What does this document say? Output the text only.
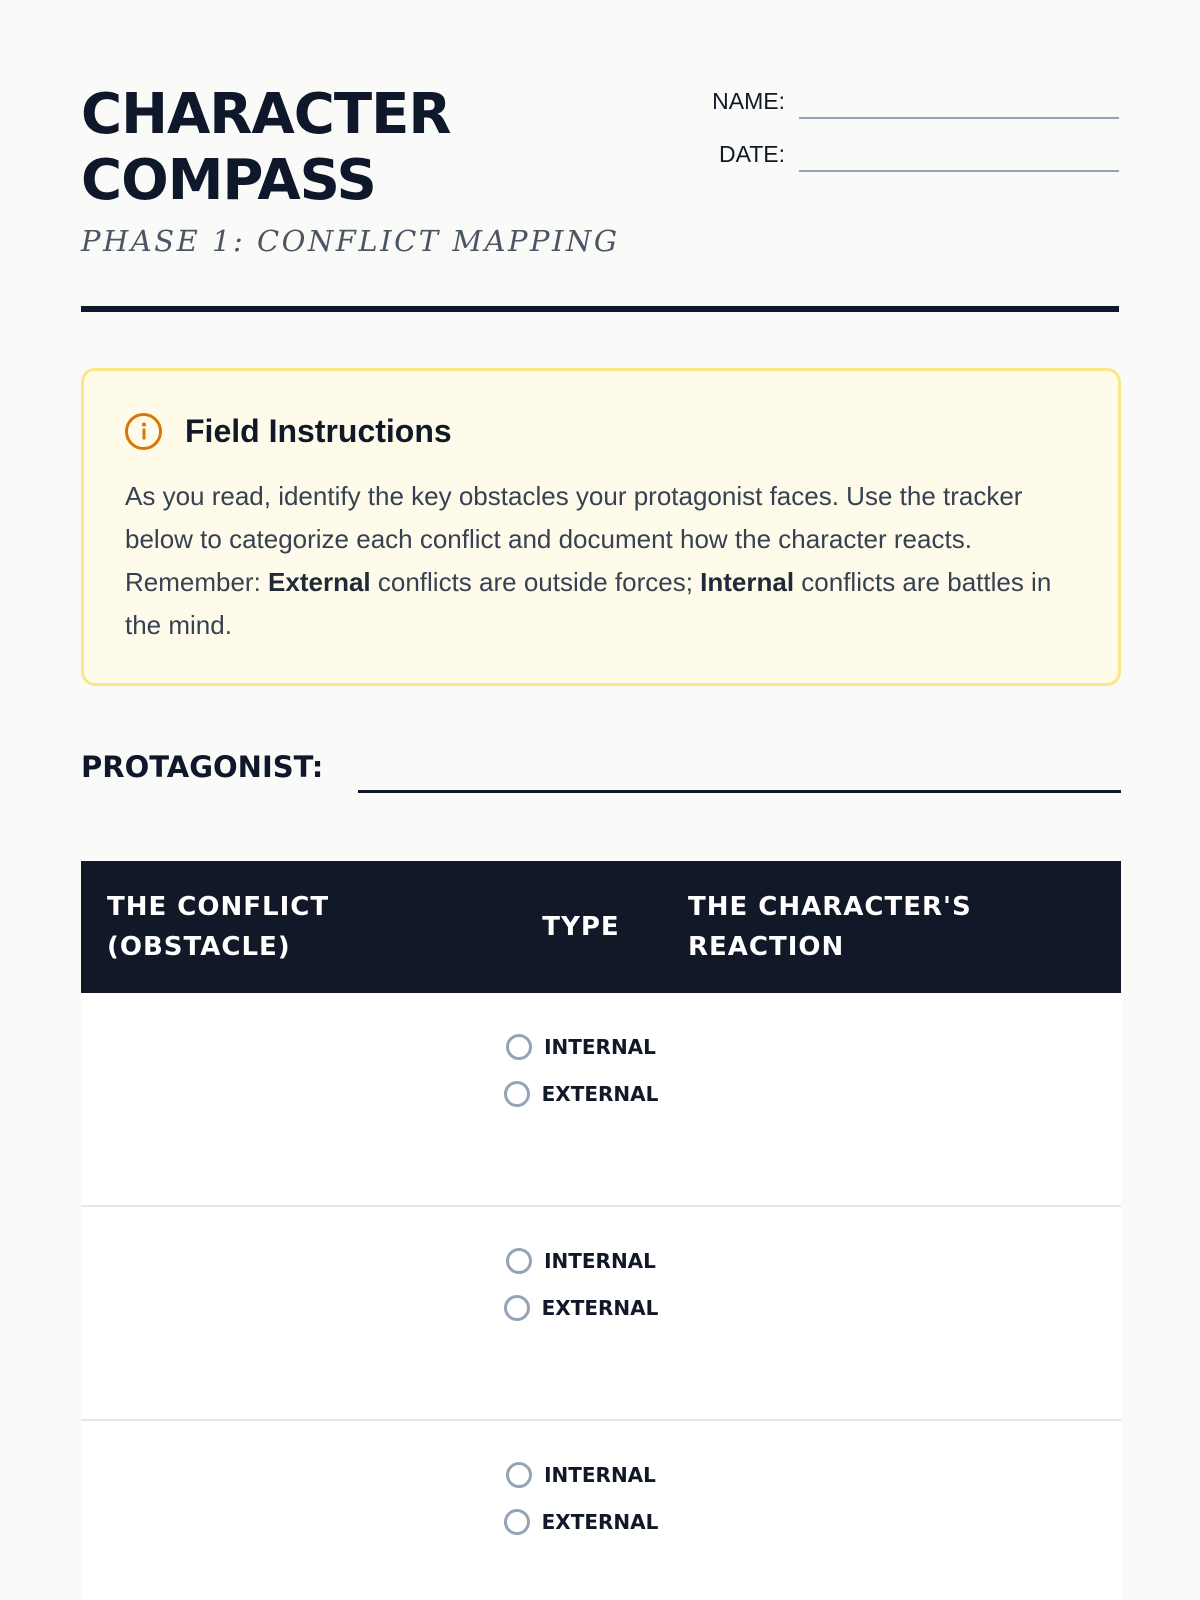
CHARACTER
COMPASS
PHASE 1: CONFLICT MAPPING
NAME:
DATE:
Field Instructions

As you read, identify the key obstacles your protagonist faces. Use the tracker below to categorize each conflict and document how the character reacts. Remember: External conflicts are outside forces; Internal conflicts are battles in the mind.

PROTAGONIST:
THE CONFLICT
(OBSTACLE)
TYPE
THE CHARACTER'S
REACTION
INTERNAL
EXTERNAL
INTERNAL
EXTERNAL
INTERNAL
EXTERNAL
